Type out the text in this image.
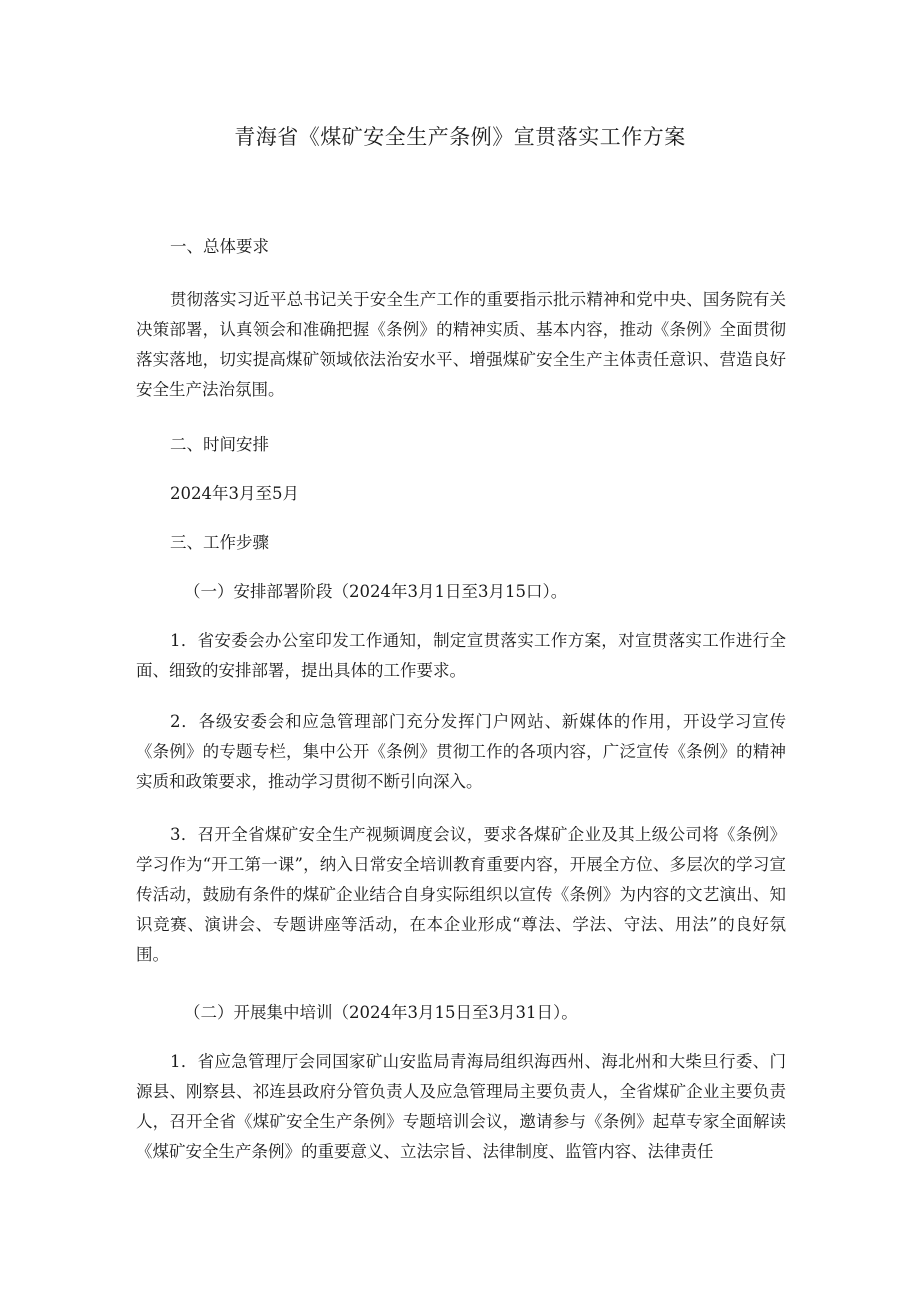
青海省《煤矿安全生产条例》宣贯落实工作方案

一、总体要求

贯彻落实习近平总书记关于安全生产工作的重要指示批示精神和党中央、国务院有关决策部署，认真领会和准确把握《条例》的精神实质、基本内容，推动《条例》全面贯彻落实落地，切实提高煤矿领域依法治安水平、增强煤矿安全生产主体责任意识、营造良好安全生产法治氛围。

二、时间安排

2024年3月至5月

三、工作步骤

（一）安排部署阶段（2024年3月1日至3月15口）。

1．省安委会办公室印发工作通知，制定宣贯落实工作方案，对宣贯落实工作进行全面、细致的安排部署，提出具体的工作要求。

2．各级安委会和应急管理部门充分发挥门户网站、新媒体的作用，开设学习宣传《条例》的专题专栏，集中公开《条例》贯彻工作的各项内容，广泛宣传《条例》的精神实质和政策要求，推动学习贯彻不断引向深入。

3．召开全省煤矿安全生产视频调度会议，要求各煤矿企业及其上级公司将《条例》学习作为“开工第一课”，纳入日常安全培训教育重要内容，开展全方位、多层次的学习宣传活动，鼓励有条件的煤矿企业结合自身实际组织以宣传《条例》为内容的文艺演出、知识竞赛、演讲会、专题讲座等活动，在本企业形成“尊法、学法、守法、用法”的良好氛围。

（二）开展集中培训（2024年3月15日至3月31日）。

1．省应急管理厅会同国家矿山安监局青海局组织海西州、海北州和大柴旦行委、门源县、刚察县、祁连县政府分管负责人及应急管理局主要负责人，全省煤矿企业主要负责人，召开全省《煤矿安全生产条例》专题培训会议，邀请参与《条例》起草专家全面解读《煤矿安全生产条例》的重要意义、立法宗旨、法律制度、监管内容、法律责任
